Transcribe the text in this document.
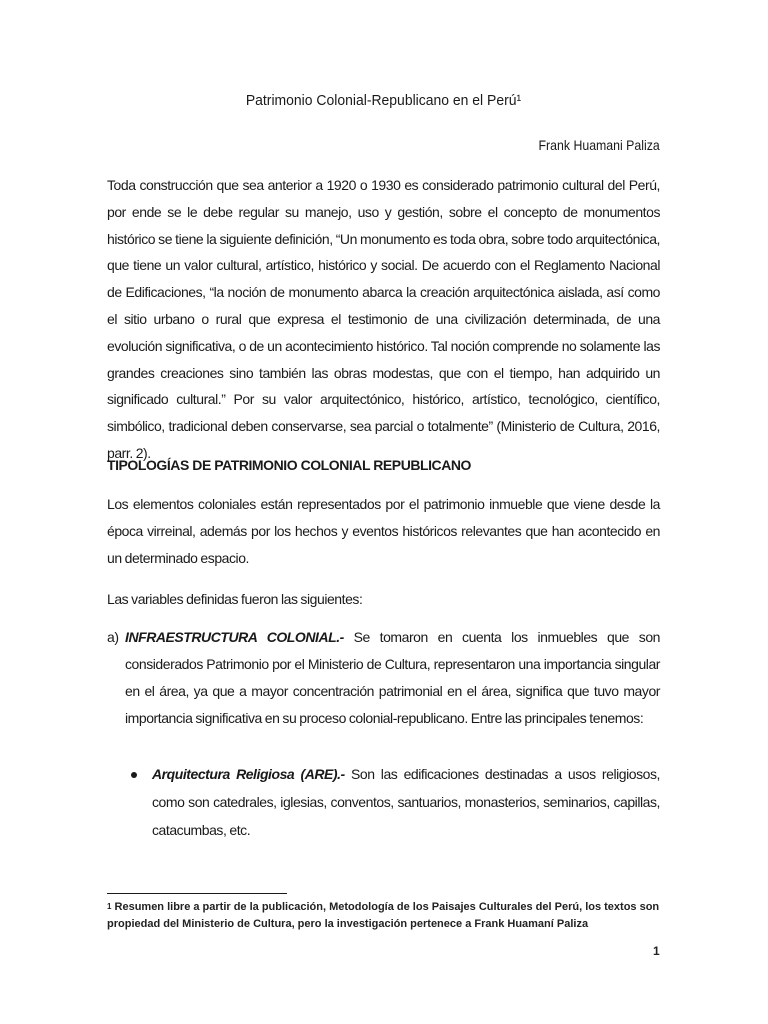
Patrimonio Colonial-Republicano en el Perú¹
Frank Huamani Paliza
Toda construcción que sea anterior a 1920 o 1930 es considerado patrimonio cultural del Perú, por ende se le debe regular su manejo, uso y gestión, sobre el concepto de monumentos histórico se tiene la siguiente definición, “Un monumento es toda obra, sobre todo arquitectónica, que tiene un valor cultural, artístico, histórico y social. De acuerdo con el Reglamento Nacional de Edificaciones, “la noción de monumento abarca la creación arquitectónica aislada, así como el sitio urbano o rural que expresa el testimonio de una civilización determinada, de una evolución significativa, o de un acontecimiento histórico. Tal noción comprende no solamente las grandes creaciones sino también las obras modestas, que con el tiempo, han adquirido un significado cultural.” Por su valor arquitectónico, histórico, artístico, tecnológico, científico, simbólico, tradicional deben conservarse, sea parcial o totalmente” (Ministerio de Cultura, 2016, parr. 2).
TIPOLOGÍAS DE PATRIMONIO COLONIAL REPUBLICANO
Los elementos coloniales están representados por el patrimonio inmueble que viene desde la época virreinal, además por los hechos y eventos históricos relevantes que han acontecido en un determinado espacio.
Las variables definidas fueron las siguientes:
a) INFRAESTRUCTURA COLONIAL.- Se tomaron en cuenta los inmuebles que son considerados Patrimonio por el Ministerio de Cultura, representaron una importancia singular en el área, ya que a mayor concentración patrimonial en el área, significa que tuvo mayor importancia significativa en su proceso colonial-republicano. Entre las principales tenemos:
Arquitectura Religiosa (ARE).- Son las edificaciones destinadas a usos religiosos, como son catedrales, iglesias, conventos, santuarios, monasterios, seminarios, capillas, catacumbas, etc.
$^1$ Resumen libre a partir de la publicación, Metodología de los Paisajes Culturales del Perú, los textos son propiedad del Ministerio de Cultura, pero la investigación pertenece a Frank Huamaní Paliza
1
